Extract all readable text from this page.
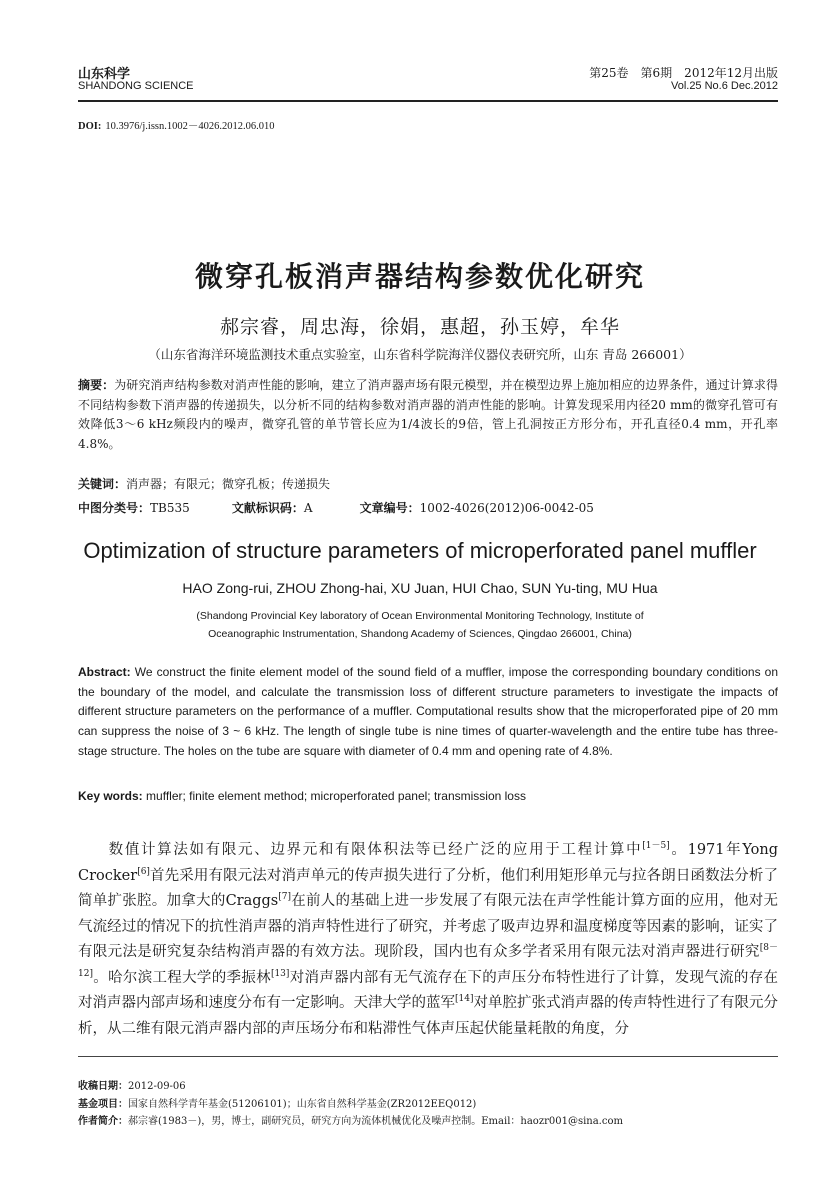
山东科学
SHANDONG SCIENCE
第25卷　第6期　2012年12月出版
Vol.25 No.6 Dec.2012
DOI: 10.3976/j.issn.1002－4026.2012.06.010
微穿孔板消声器结构参数优化研究
郝宗睿，周忠海，徐娟，惠超，孙玉婷，牟华
（山东省海洋环境监测技术重点实验室，山东省科学院海洋仪器仪表研究所，山东 青岛 266001）
摘要：为研究消声结构参数对消声性能的影响，建立了消声器声场有限元模型，并在模型边界上施加相应的边界条件，通过计算求得不同结构参数下消声器的传递损失，以分析不同的结构参数对消声器的消声性能的影响。计算发现采用内径20 mm的微穿孔管可有效降低3～6 kHz频段内的噪声，微穿孔管的单节管长应为1/4波长的9倍，管上孔洞按正方形分布，开孔直径0.4 mm，开孔率4.8%。
关键词：消声器；有限元；微穿孔板；传递损失
中图分类号：TB535	文献标识码：A	文章编号：1002-4026(2012)06-0042-05
Optimization of structure parameters of microperforated panel muffler
HAO Zong-rui, ZHOU Zhong-hai, XU Juan, HUI Chao, SUN Yu-ting, MU Hua
(Shandong Provincial Key laboratory of Ocean Environmental Monitoring Technology, Institute of
Oceanographic Instrumentation, Shandong Academy of Sciences, Qingdao 266001, China)
Abstract: We construct the finite element model of the sound field of a muffler, impose the corresponding boundary conditions on the boundary of the model, and calculate the transmission loss of different structure parameters to investigate the impacts of different structure parameters on the performance of a muffler. Computational results show that the microperforated pipe of 20 mm can suppress the noise of 3 ~ 6 kHz. The length of single tube is nine times of quarter-wavelength and the entire tube has three-stage structure. The holes on the tube are square with diameter of 0.4 mm and opening rate of 4.8%.
Key words: muffler; finite element method; microperforated panel; transmission loss
数值计算法如有限元、边界元和有限体积法等已经广泛的应用于工程计算中[1－5]。1971年Yong Crocker[6]首先采用有限元法对消声单元的传声损失进行了分析，他们利用矩形单元与拉各朗日函数法分析了简单扩张腔。加拿大的Craggs[7]在前人的基础上进一步发展了有限元法在声学性能计算方面的应用，他对无气流经过的情况下的抗性消声器的消声特性进行了研究，并考虑了吸声边界和温度梯度等因素的影响，证实了有限元法是研究复杂结构消声器的有效方法。现阶段，国内也有众多学者采用有限元法对消声器进行研究[8－12]。哈尔滨工程大学的季振林[13]对消声器内部有无气流存在下的声压分布特性进行了计算，发现气流的存在对消声器内部声场和速度分布有一定影响。天津大学的蓝军[14]对单腔扩张式消声器的传声特性进行了有限元分析，从二维有限元消声器内部的声压场分布和粘滞性气体声压起伏能量耗散的角度，分
收稿日期：2012-09-06
基金项目：国家自然科学青年基金(51206101)；山东省自然科学基金(ZR2012EEQ012)
作者简介：郝宗睿(1983－)，男，博士，副研究员，研究方向为流体机械优化及噪声控制。Email：haozr001@sina.com
